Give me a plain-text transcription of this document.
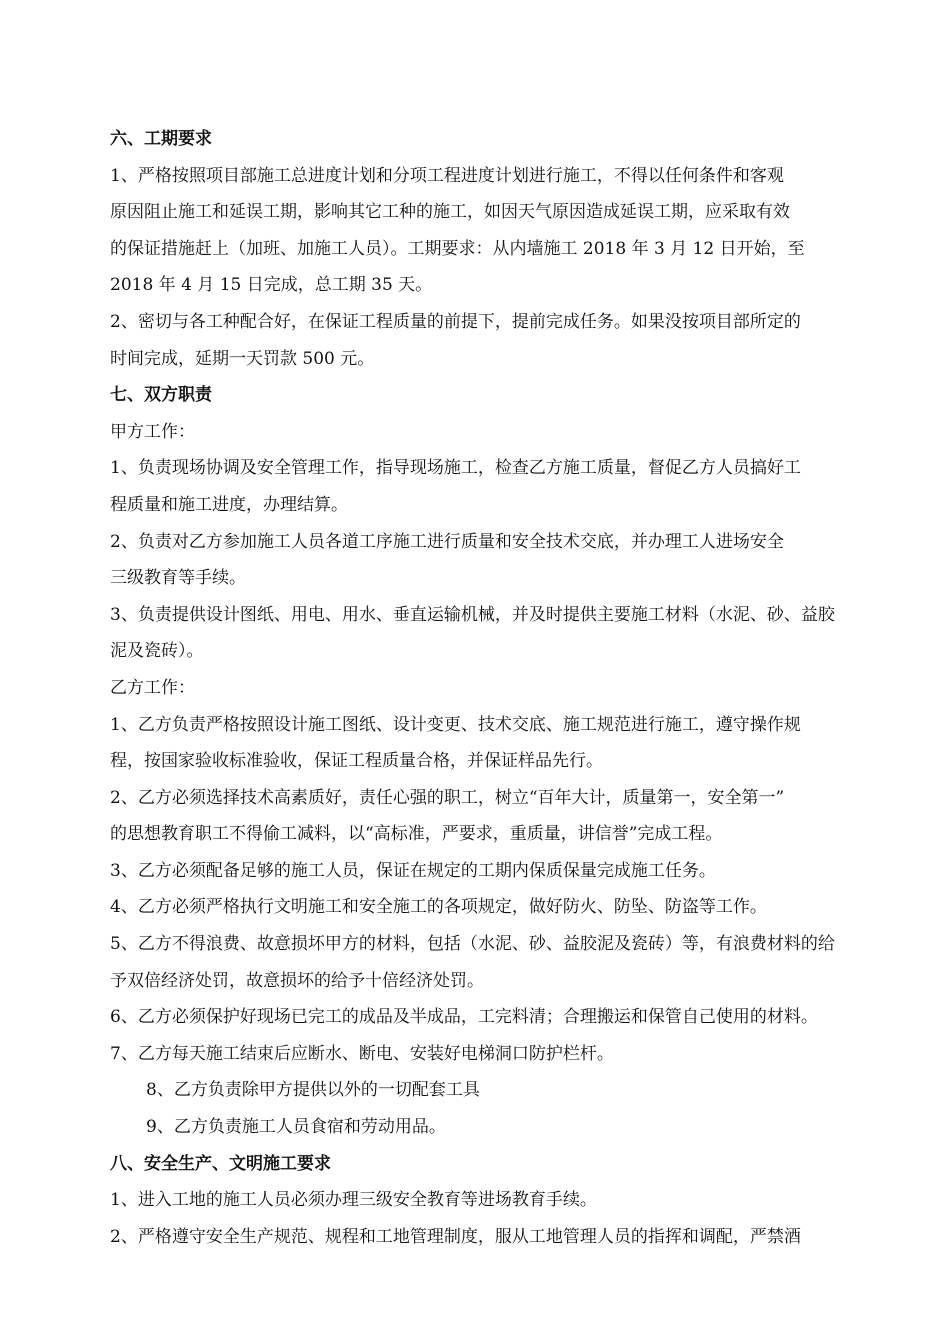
六、工期要求
1、严格按照项目部施工总进度计划和分项工程进度计划进行施工，不得以任何条件和客观
原因阻止施工和延误工期，影响其它工种的施工，如因天气原因造成延误工期，应采取有效
的保证措施赶上（加班、加施工人员）。工期要求：从内墙施工 2018 年 3 月 12 日开始，至
2018 年 4 月 15 日完成，总工期 35 天。
2、密切与各工种配合好，在保证工程质量的前提下，提前完成任务。如果没按项目部所定的
时间完成，延期一天罚款 500 元。
七、双方职责
甲方工作：
1、负责现场协调及安全管理工作，指导现场施工，检查乙方施工质量，督促乙方人员搞好工
程质量和施工进度，办理结算。
2、负责对乙方参加施工人员各道工序施工进行质量和安全技术交底，并办理工人进场安全
三级教育等手续。
3、负责提供设计图纸、用电、用水、垂直运输机械，并及时提供主要施工材料（水泥、砂、益胶
泥及瓷砖）。
乙方工作：
1、乙方负责严格按照设计施工图纸、设计变更、技术交底、施工规范进行施工，遵守操作规
程，按国家验收标准验收，保证工程质量合格，并保证样品先行。
2、乙方必须选择技术高素质好，责任心强的职工，树立“百年大计，质量第一，安全第一”
的思想教育职工不得偷工减料，以“高标准，严要求，重质量，讲信誉”完成工程。
3、乙方必须配备足够的施工人员，保证在规定的工期内保质保量完成施工任务。
4、乙方必须严格执行文明施工和安全施工的各项规定，做好防火、防坠、防盗等工作。
5、乙方不得浪费、故意损坏甲方的材料，包括（水泥、砂、益胶泥及瓷砖）等，有浪费材料的给
予双倍经济处罚，故意损坏的给予十倍经济处罚。
6、乙方必须保护好现场已完工的成品及半成品，工完料清；合理搬运和保管自己使用的材料。
7、乙方每天施工结束后应断水、断电、安装好电梯洞口防护栏杆。
8、乙方负责除甲方提供以外的一切配套工具
9、乙方负责施工人员食宿和劳动用品。
八、安全生产、文明施工要求
1、进入工地的施工人员必须办理三级安全教育等进场教育手续。
2、严格遵守安全生产规范、规程和工地管理制度，服从工地管理人员的指挥和调配，严禁酒
